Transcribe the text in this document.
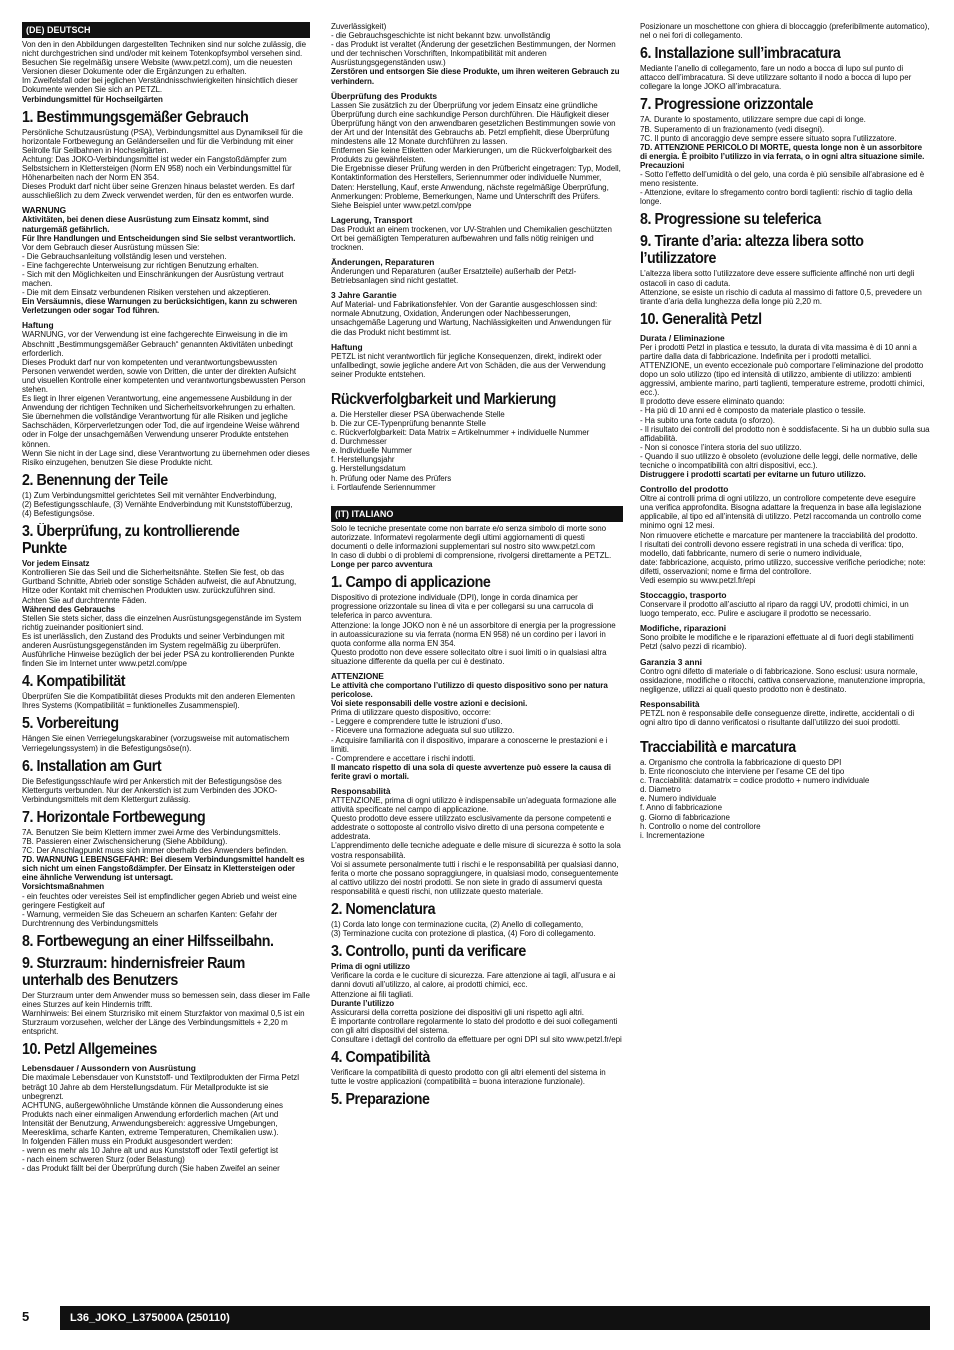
(DE) DEUTSCH

Von den in den Abbildungen dargestellten Techniken sind nur solche zulässig, die nicht durchgestrichen sind und/oder mit keinem Totenkopfsymbol versehen sind. Besuchen Sie regelmäßig unsere Website (www.petzl.com), um die neuesten Versionen dieser Dokumente oder die Ergänzungen zu erhalten.
Im Zweifelsfall oder bei jeglichen Verständnisschwierigkeiten hinsichtlich dieser Dokumente wenden Sie sich an PETZL.

Verbindungsmittel für Hochseilgärten

1. Bestimmungsgemäßer Gebrauch

Persönliche Schutzausrüstung (PSA), Verbindungsmittel aus Dynamikseil für die horizontale Fortbewegung an Geländerseilen und für die Verbindung mit einer Seilrolle für Seilbahnen in Hochseilgärten.
Achtung: Das JOKO-Verbindungsmittel ist weder ein Fangstoßdämpfer zum Selbstsichern in Klettersteigen (Norm EN 958) noch ein Verbindungsmittel für Höhenarbeiten nach der Norm EN 354.
Dieses Produkt darf nicht über seine Grenzen hinaus belastet werden. Es darf ausschließlich zu dem Zweck verwendet werden, für den es entworfen wurde.

WARNUNG

Aktivitäten, bei denen diese Ausrüstung zum Einsatz kommt, sind naturgemäß gefährlich.
Für Ihre Handlungen und Entscheidungen sind Sie selbst verantwortlich.

Vor dem Gebrauch dieser Ausrüstung müssen Sie:
- Die Gebrauchsanleitung vollständig lesen und verstehen.
- Eine fachgerechte Unterweisung zur richtigen Benutzung erhalten.
- Sich mit den Möglichkeiten und Einschränkungen der Ausrüstung vertraut machen.
- Die mit dem Einsatz verbundenen Risiken verstehen und akzeptieren.

Ein Versäumnis, diese Warnungen zu berücksichtigen, kann zu schweren Verletzungen oder sogar Tod führen.

Haftung

WARNUNG, vor der Verwendung ist eine fachgerechte Einweisung in die im Abschnitt „Bestimmungsgemäßer Gebrauch“ genannten Aktivitäten unbedingt erforderlich.
Dieses Produkt darf nur von kompetenten und verantwortungsbewussten Personen verwendet werden, sowie von Dritten, die unter der direkten Aufsicht und visuellen Kontrolle einer kompetenten und verantwortungsbewussten Person stehen.
Es liegt in Ihrer eigenen Verantwortung, eine angemessene Ausbildung in der Anwendung der richtigen Techniken und Sicherheitsvorkehrungen zu erhalten.
Sie übernehmen die vollständige Verantwortung für alle Risiken und jegliche Sachschäden, Körperverletzungen oder Tod, die auf irgendeine Weise während oder in Folge der unsachgemäßen Verwendung unserer Produkte entstehen können.
Wenn Sie nicht in der Lage sind, diese Verantwortung zu übernehmen oder dieses Risiko einzugehen, benutzen Sie diese Produkte nicht.

2. Benennung der Teile

(1) Zum Verbindungsmittel gerichtetes Seil mit vernähter Endverbindung,
(2) Befestigungsschlaufe, (3) Vernähte Endverbindung mit Kunststoffüberzug,
(4) Befestigungsöse.

3. Überprüfung, zu kontrollierende Punkte

Vor jedem Einsatz

Kontrollieren Sie das Seil und die Sicherheitsnähte. Stellen Sie fest, ob das Gurtband Schnitte, Abrieb oder sonstige Schäden aufweist, die auf Abnutzung, Hitze oder Kontakt mit chemischen Produkten usw. zurückzuführen sind.
Achten Sie auf durchtrennte Fäden.

Während des Gebrauchs

Stellen Sie stets sicher, dass die einzelnen Ausrüstungsgegenstände im System richtig zueinander positioniert sind.
Es ist unerlässlich, den Zustand des Produkts und seiner Verbindungen mit anderen Ausrüstungsgegenständen im System regelmäßig zu überprüfen.
Ausführliche Hinweise bezüglich der bei jeder PSA zu kontrollierenden Punkte finden Sie im Internet unter www.petzl.com/ppe

4. Kompatibilität

Überprüfen Sie die Kompatibilität dieses Produkts mit den anderen Elementen Ihres Systems (Kompatibilität = funktionelles Zusammenspiel).

5. Vorbereitung

Hängen Sie einen Verriegelungskarabiner (vorzugsweise mit automatischem Verriegelungssystem) in die Befestigungsöse(n).

6. Installation am Gurt

Die Befestigungsschlaufe wird per Ankerstich mit der Befestigungsöse des Klettergurts verbunden. Nur der Ankerstich ist zum Verbinden des JOKO-Verbindungsmittels mit dem Klettergurt zulässig.

7. Horizontale Fortbewegung

7A. Benutzen Sie beim Klettern immer zwei Arme des Verbindungsmittels.
7B. Passieren einer Zwischensicherung (Siehe Abbildung).
7C. Der Anschlagpunkt muss sich immer oberhalb des Anwenders befinden.

7D. WARNUNG LEBENSGEFAHR: Bei diesem Verbindungsmittel handelt es sich nicht um einen Fangstoßdämpfer. Der Einsatz in Klettersteigen oder eine ähnliche Verwendung ist untersagt.

Vorsichtsmaßnahmen

- ein feuchtes oder vereistes Seil ist empfindlicher gegen Abrieb und weist eine geringere Festigkeit auf
- Warnung, vermeiden Sie das Scheuern an scharfen Kanten: Gefahr der Durchtrennung des Verbindungsmittels

8. Fortbewegung an einer Hilfsseilbahn.
9. Sturzraum: hindernisfreier Raum unterhalb des Benutzers

Der Sturzraum unter dem Anwender muss so bemessen sein, dass dieser im Falle eines Sturzes auf kein Hindernis trifft.
Warnhinweis: Bei einem Sturzrisiko mit einem Sturzfaktor von maximal 0,5 ist ein Sturzraum vorzusehen, welcher der Länge des Verbindungsmittels + 2,20 m entspricht.

10. Petzl Allgemeines
Lebensdauer / Aussondern von Ausrüstung

Die maximale Lebensdauer von Kunststoff- und Textilprodukten der Firma Petzl beträgt 10 Jahre ab dem Herstellungsdatum. Für Metallprodukte ist sie unbegrenzt.
ACHTUNG, außergewöhnliche Umstände können die Aussonderung eines Produkts nach einer einmaligen Anwendung erforderlich machen (Art und Intensität der Benutzung, Anwendungsbereich: aggressive Umgebungen, Meeresklima, scharfe Kanten, extreme Temperaturen, Chemikalien usw.).
In folgenden Fällen muss ein Produkt ausgesondert werden:
- wenn es mehr als 10 Jahre alt und aus Kunststoff oder Textil gefertigt ist
- nach einem schweren Sturz (oder Belastung)
- das Produkt fällt bei der Überprüfung durch (Sie haben Zweifel an seiner

Zuverlässigkeit)
- die Gebrauchsgeschichte ist nicht bekannt bzw. unvollständig
- das Produkt ist veraltet (Änderung der gesetzlichen Bestimmungen, der Normen und der technischen Vorschriften, Inkompatibilität mit anderen Ausrüstungsgegenständen usw.)

Zerstören und entsorgen Sie diese Produkte, um ihren weiteren Gebrauch zu verhindern.

Überprüfung des Produkts

Lassen Sie zusätzlich zu der Überprüfung vor jedem Einsatz eine gründliche Überprüfung durch eine sachkundige Person durchführen. Die Häufigkeit dieser Überprüfung hängt von den anwendbaren gesetzlichen Bestimmungen sowie von der Art und der Intensität des Gebrauchs ab. Petzl empfiehlt, diese Überprüfung mindestens alle 12 Monate durchführen zu lassen.
Entfernen Sie keine Etiketten oder Markierungen, um die Rückverfolgbarkeit des Produkts zu gewährleisten.
Die Ergebnisse dieser Prüfung werden in den Prüfbericht eingetragen: Typ, Modell, Kontaktinformation des Herstellers, Seriennummer oder individuelle Nummer, Daten: Herstellung, Kauf, erste Anwendung, nächste regelmäßige Überprüfung, Anmerkungen: Probleme, Bemerkungen, Name und Unterschrift des Prüfers.
Siehe Beispiel unter www.petzl.com/ppe

Lagerung, Transport

Das Produkt an einem trockenen, vor UV-Strahlen und Chemikalien geschützten Ort bei gemäßigten Temperaturen aufbewahren und falls nötig reinigen und trocknen.

Änderungen, Reparaturen

Änderungen und Reparaturen (außer Ersatzteile) außerhalb der Petzl-Betriebsanlagen sind nicht gestattet.

3 Jahre Garantie

Auf Material- und Fabrikationsfehler. Von der Garantie ausgeschlossen sind: normale Abnutzung, Oxidation, Änderungen oder Nachbesserungen, unsachgemäße Lagerung und Wartung, Nachlässigkeiten und Anwendungen für die das Produkt nicht bestimmt ist.

Haftung

PETZL ist nicht verantwortlich für jegliche Konsequenzen, direkt, indirekt oder unfallbedingt, sowie jegliche andere Art von Schäden, die aus der Verwendung seiner Produkte entstehen.

Rückverfolgbarkeit und Markierung

a. Die Hersteller dieser PSA überwachende Stelle
b. Die zur CE-Typenprüfung benannte Stelle
c. Rückverfolgbarkeit: Data Matrix = Artikelnummer + individuelle Nummer
d. Durchmesser
e. Individuelle Nummer
f. Herstellungsjahr
g. Herstellungsdatum
h. Prüfung oder Name des Prüfers
i. Fortlaufende Seriennummer

(IT) ITALIANO

Solo le tecniche presentate come non barrate e/o senza simbolo di morte sono autorizzate. Informatevi regolarmente degli ultimi aggiornamenti di questi documenti o delle informazioni supplementari sul nostro sito www.petzl.com
In caso di dubbi o di problemi di comprensione, rivolgersi direttamente a PETZL.

Longe per parco avventura

1. Campo di applicazione

Dispositivo di protezione individuale (DPI), longe in corda dinamica per progressione orizzontale su linea di vita e per collegarsi su una carrucola di teleferica in parco avventura.
Attenzione: la longe JOKO non è né un assorbitore di energia per la progressione in autoassicurazione su via ferrata (norma EN 958) né un cordino per i lavori in quota conforme alla norma EN 354.
Questo prodotto non deve essere sollecitato oltre i suoi limiti o in qualsiasi altra situazione differente da quella per cui è destinato.

ATTENZIONE

Le attività che comportano l’utilizzo di questo dispositivo sono per natura pericolose.
Voi siete responsabili delle vostre azioni e decisioni.

Prima di utilizzare questo dispositivo, occorre:
- Leggere e comprendere tutte le istruzioni d’uso.
- Ricevere una formazione adeguata sul suo utilizzo.
- Acquisire familiarità con il dispositivo, imparare a conoscerne le prestazioni e i limiti.
- Comprendere e accettare i rischi indotti.

Il mancato rispetto di una sola di queste avvertenze può essere la causa di ferite gravi o mortali.

Responsabilità

ATTENZIONE, prima di ogni utilizzo è indispensabile un’adeguata formazione alle attività specificate nel campo di applicazione.
Questo prodotto deve essere utilizzato esclusivamente da persone competenti e addestrate o sottoposte al controllo visivo diretto di una persona competente e addestrata.
L’apprendimento delle tecniche adeguate e delle misure di sicurezza è sotto la sola vostra responsabilità.
Voi si assumete personalmente tutti i rischi e le responsabilità per qualsiasi danno, ferita o morte che possano sopraggiungere, in qualsiasi modo, conseguentemente al cattivo utilizzo dei nostri prodotti. Se non siete in grado di assumervi questa responsabilità e questi rischi, non utilizzate questo materiale.

2. Nomenclatura

(1) Corda lato longe con terminazione cucita, (2) Anello di collegamento,
(3) Terminazione cucita con protezione di plastica, (4) Foro di collegamento.

3. Controllo, punti da verificare

Prima di ogni utilizzo

Verificare la corda e le cuciture di sicurezza. Fare attenzione ai tagli, all’usura e ai danni dovuti all’utilizzo, al calore, ai prodotti chimici, ecc.
Attenzione ai fili tagliati.

Durante l’utilizzo

Assicurarsi della corretta posizione dei dispositivi gli uni rispetto agli altri.
È importante controllare regolarmente lo stato del prodotto e dei suoi collegamenti con gli altri dispositivi del sistema.
Consultare i dettagli del controllo da effettuare per ogni DPI sul sito www.petzl.fr/epi

4. Compatibilità

Verificare la compatibilità di questo prodotto con gli altri elementi del sistema in tutte le vostre applicazioni (compatibilità = buona interazione funzionale).

5. Preparazione

Posizionare un moschettone con ghiera di bloccaggio (preferibilmente automatico), nel o nei fori di collegamento.

6. Installazione sull’imbracatura

Mediante l’anello di collegamento, fare un nodo a bocca di lupo sul punto di attacco dell’imbracatura. Si deve utilizzare soltanto il nodo a bocca di lupo per collegare la longe JOKO all’imbracatura.

7. Progressione orizzontale

7A. Durante lo spostamento, utilizzare sempre due capi di longe.
7B. Superamento di un frazionamento (vedi disegni).
7C. Il punto di ancoraggio deve sempre essere situato sopra l’utilizzatore.

7D. ATTENZIONE PERICOLO DI MORTE, questa longe non è un assorbitore di energia. È proibito l’utilizzo in via ferrata, o in ogni altra situazione simile.

Precauzioni

- Sotto l’effetto dell’umidità o del gelo, una corda è più sensibile all’abrasione ed è meno resistente.
- Attenzione, evitare lo sfregamento contro bordi taglienti: rischio di taglio della longe.

8. Progressione su teleferica
9. Tirante d’aria: altezza libera sotto l’utilizzatore

L’altezza libera sotto l’utilizzatore deve essere sufficiente affinché non urti degli ostacoli in caso di caduta.
Attenzione, se esiste un rischio di caduta al massimo di fattore 0,5, prevedere un tirante d’aria della lunghezza della longe più 2,20 m.

10. Generalità Petzl
Durata / Eliminazione

Per i prodotti Petzl in plastica e tessuto, la durata di vita massima è di 10 anni a partire dalla data di fabbricazione. Indefinita per i prodotti metallici.
ATTENZIONE, un evento eccezionale può comportare l’eliminazione del prodotto dopo un solo utilizzo (tipo ed intensità di utilizzo, ambiente di utilizzo: ambienti aggressivi, ambiente marino, parti taglienti, temperature estreme, prodotti chimici, ecc.).
Il prodotto deve essere eliminato quando:
- Ha più di 10 anni ed è composto da materiale plastico o tessile.
- Ha subito una forte caduta (o sforzo).
- Il risultato dei controlli del prodotto non è soddisfacente. Si ha un dubbio sulla sua affidabilità.
- Non si conosce l’intera storia del suo utilizzo.
- Quando il suo utilizzo è obsoleto (evoluzione delle leggi, delle normative, delle tecniche o incompatibilità con altri dispositivi, ecc.).

Distruggere i prodotti scartati per evitarne un futuro utilizzo.

Controllo del prodotto

Oltre ai controlli prima di ogni utilizzo, un controllore competente deve eseguire una verifica approfondita. Bisogna adattare la frequenza in base alla legislazione applicabile, al tipo ed all’intensità di utilizzo. Petzl raccomanda un controllo come minimo ogni 12 mesi.
Non rimuovere etichette e marcature per mantenere la tracciabilità del prodotto.
I risultati dei controlli devono essere registrati in una scheda di verifica: tipo, modello, dati fabbricante, numero di serie o numero individuale,
date: fabbricazione, acquisto, primo utilizzo, successive verifiche periodiche; note: difetti, osservazioni; nome e firma del controllore.
Vedi esempio su www.petzl.fr/epi

Stoccaggio, trasporto

Conservare il prodotto all’asciutto al riparo da raggi UV, prodotti chimici, in un luogo temperato, ecc. Pulire e asciugare il prodotto se necessario.

Modifiche, riparazioni

Sono proibite le modifiche e le riparazioni effettuate al di fuori degli stabilimenti Petzl (salvo pezzi di ricambio).

Garanzia 3 anni

Contro ogni difetto di materiale o di fabbricazione. Sono esclusi: usura normale, ossidazione, modifiche o ritocchi, cattiva conservazione, manutenzione impropria, negligenze, utilizzi ai quali questo prodotto non è destinato.

Responsabilità

PETZL non è responsabile delle conseguenze dirette, indirette, accidentali o di ogni altro tipo di danno verificatosi o risultante dall’utilizzo dei suoi prodotti.

Tracciabilità e marcatura

a. Organismo che controlla la fabbricazione di questo DPI
b. Ente riconosciuto che interviene per l’esame CE del tipo
c. Tracciabilità: datamatrix = codice prodotto + numero individuale
d. Diametro
e. Numero individuale
f. Anno di fabbricazione
g. Giorno di fabbricazione
h. Controllo o nome del controllore
i. Incrementazione

5	L36_JOKO_L375000A (250110)
